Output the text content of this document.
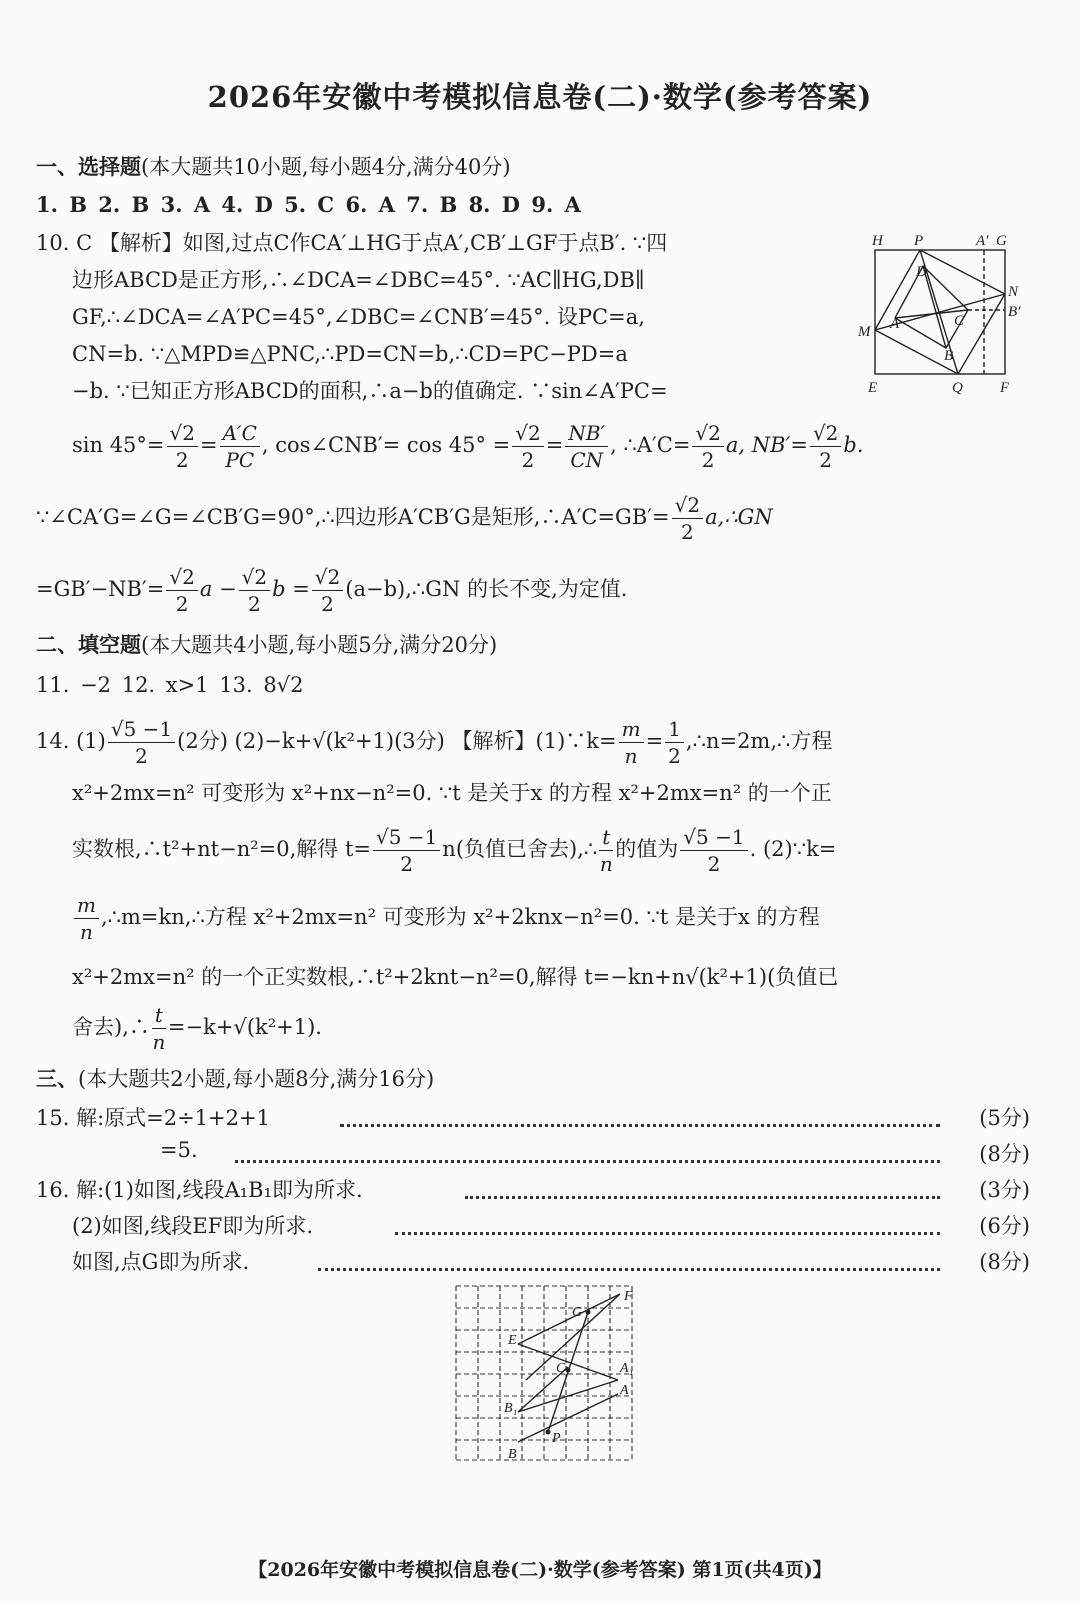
2026年安徽中考模拟信息卷(二)·数学(参考答案)
一、选择题(本大题共10小题,每小题4分,满分40分)
1. B 2. B 3. A 4. D 5. C 6. A 7. B 8. D 9. A
10. C 【解析】如图,过点C作CA′⊥HG于点A′,CB′⊥GF于点B′. ∵四
边形ABCD是正方形,∴∠DCA=∠DBC=45°. ∵AC∥HG,DB∥
GF,∴∠DCA=∠A′PC=45°,∠DBC=∠CNB′=45°. 设PC=a,
CN=b. ∵△MPD≌△PNC,∴PD=CN=b,∴CD=PC−PD=a
−b. ∵已知正方形ABCD的面积,∴a−b的值确定. ∵sin∠A′PC=
$\sin 45^\circ= \frac{√2}{2} = \frac{A'C}{PC}$ , cos∠CNB′= $\cos 45^\circ = \frac{√2}{2} = \frac{NB'}{CN}$ , ∴A′C= $\frac{√2}{2} a$, $NB'= \frac{√2}{2} b$.
∵∠CA′G=∠G=∠CB′G=90°,∴四边形A′CB′G是矩形,∴A′C=GB′= $\frac{√2}{2}$ a,∴GN
$=GB'-NB'= \frac{√2}{2}$ $a - \frac{√2}{2}$ $b = \frac{√2}{2}$ (a−b),∴GN 的长不变,为定值.
H P	A′ G
D
N
B′
M A	C
B
E	Q F
二、填空题(本大题共4小题,每小题5分,满分20分)
11. −2 12. x>1 13. 8√2
14. $(1) \frac{√5 -1}{2} (2$分) (2)−k+√(k²+1)(3分) 【解析】(1)∵k= $\frac{m}{n} = \frac{1}{2}$ ,∴n=2m,∴方程
x²+2mx=n² 可变形为 x²+nx−n²=0. ∵t 是关于x 的方程 x²+2mx=n² 的一个正
实数根,∴t²+nt−n²=0,解得 $t= \frac{√5 -1}{2} n$(负值已舍去),∴ $\frac{t}{n}$ 的值为 $\frac{√5 -1}{2}$ . (2)∵k=
$\frac{m}{n}$ ,∴m=kn,∴方程 x²+2mx=n² 可变形为 x²+2knx−n²=0. ∵t 是关于x 的方程
x²+2mx=n² 的一个正实数根,∴t²+2knt−n²=0,解得 t=−kn+n√(k²+1)(负值已
舍去),∴ $\frac{t}{n} =-k+√(k^2+1)$.
三、(本大题共2小题,每小题8分,满分16分)
15. 解:原式=2÷1+2+1	(5分)
=5.	(8分)
16. 解:(1)如图,线段A₁B₁即为所求.	(3分)
(2)如图,线段EF即为所求.	(6分)
如图,点G即为所求.	(8分)
F
G
E
C
A
A₁
B₁
P
B
【2026年安徽中考模拟信息卷(二)·数学(参考答案) 第1页(共4页)】
